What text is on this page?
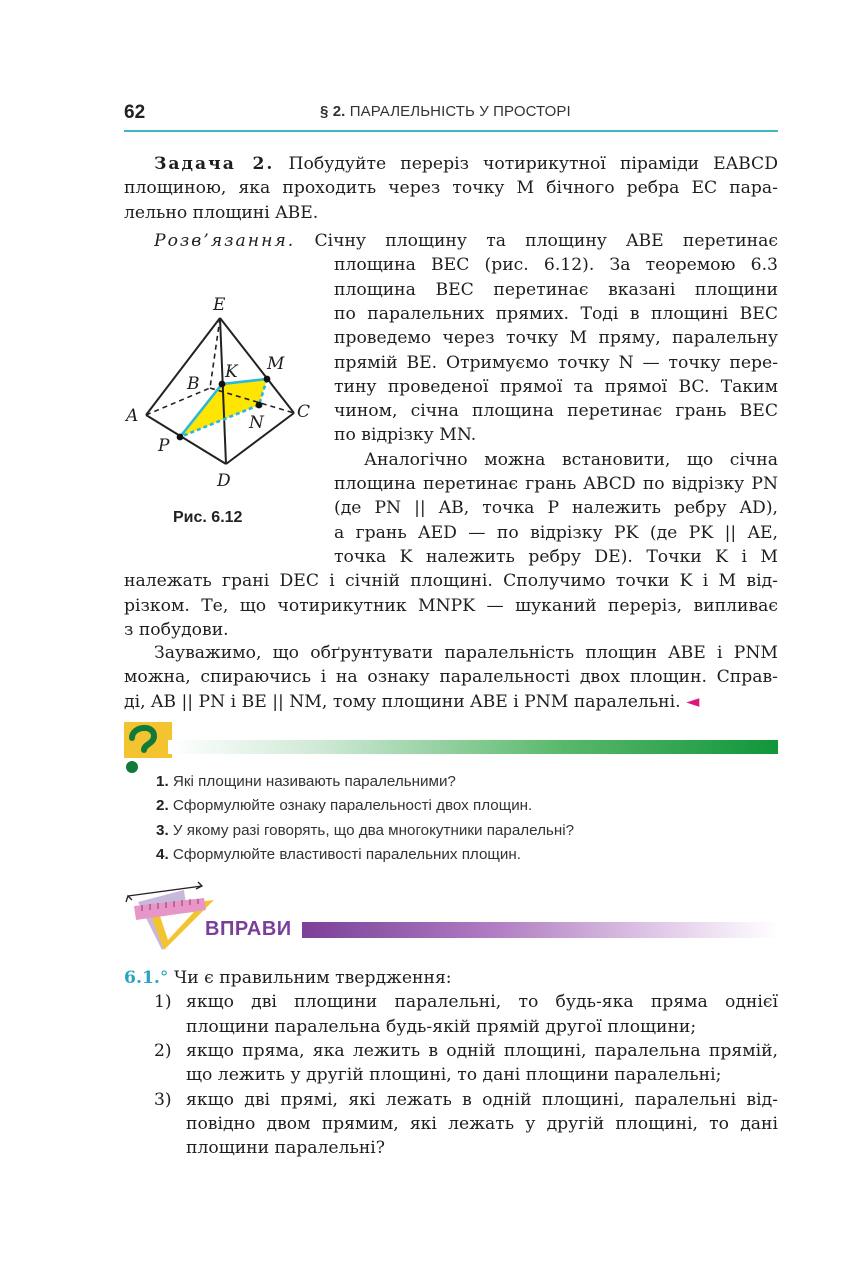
62	§ 2. ПАРАЛЕЛЬНІСТЬ У ПРОСТОРІ
Задача 2. Побудуйте переріз чотирикутної піраміди EABCD
площиною, яка проходить через точку M бічного ребра EC пара-
лельно площині ABE.
Розв’язання. Січну площину та площину ABE перетинає
площина BEC (рис. 6.12). За теоремою 6.3
площина BEC перетинає вказані площини
по паралельних прямих. Тоді в площині BEC
проведемо через точку M пряму, паралельну
прямій BE. Отримуємо точку N — точку пере-
тину проведеної прямої та прямої BC. Таким
чином, січна площина перетинає грань BEC
по відрізку MN.
Аналогічно можна встановити, що січна
площина перетинає грань ABCD по відрізку PN
(де PN || AB, точка P належить ребру AD),
а грань AED — по відрізку PK (де PK || AE,
точка K належить ребру DE). Точки K і M
належать грані DEC і січній площині. Сполучимо точки K і M від-
різком. Те, що чотирикутник MNPK — шуканий переріз, випливає
з побудови.
Зауважимо, що обґрунтувати паралельність площин ABE і PNM
можна, спираючись і на ознаку паралельності двох площин. Справ-
ді, AB || PN і BE || NM, тому площини ABE і PNM паралельні. ◄
E
M
K
B
A	C
N
P
D
Рис. 6.12
1. Які площини називають паралельними?
2. Сформулюйте ознаку паралельності двох площин.
3. У якому разі говорять, що два многокутники паралельні?
4. Сформулюйте властивості паралельних площин.
ВПРАВИ
6.1.° Чи є правильним твердження:
1) якщо дві площини паралельні, то будь-яка пряма однієї
площини паралельна будь-якій прямій другої площини;
2) якщо пряма, яка лежить в одній площині, паралельна прямій,
що лежить у другій площині, то дані площини паралельні;
3) якщо дві прямі, які лежать в одній площині, паралельні від-
повідно двом прямим, які лежать у другій площині, то дані
площини паралельні?
